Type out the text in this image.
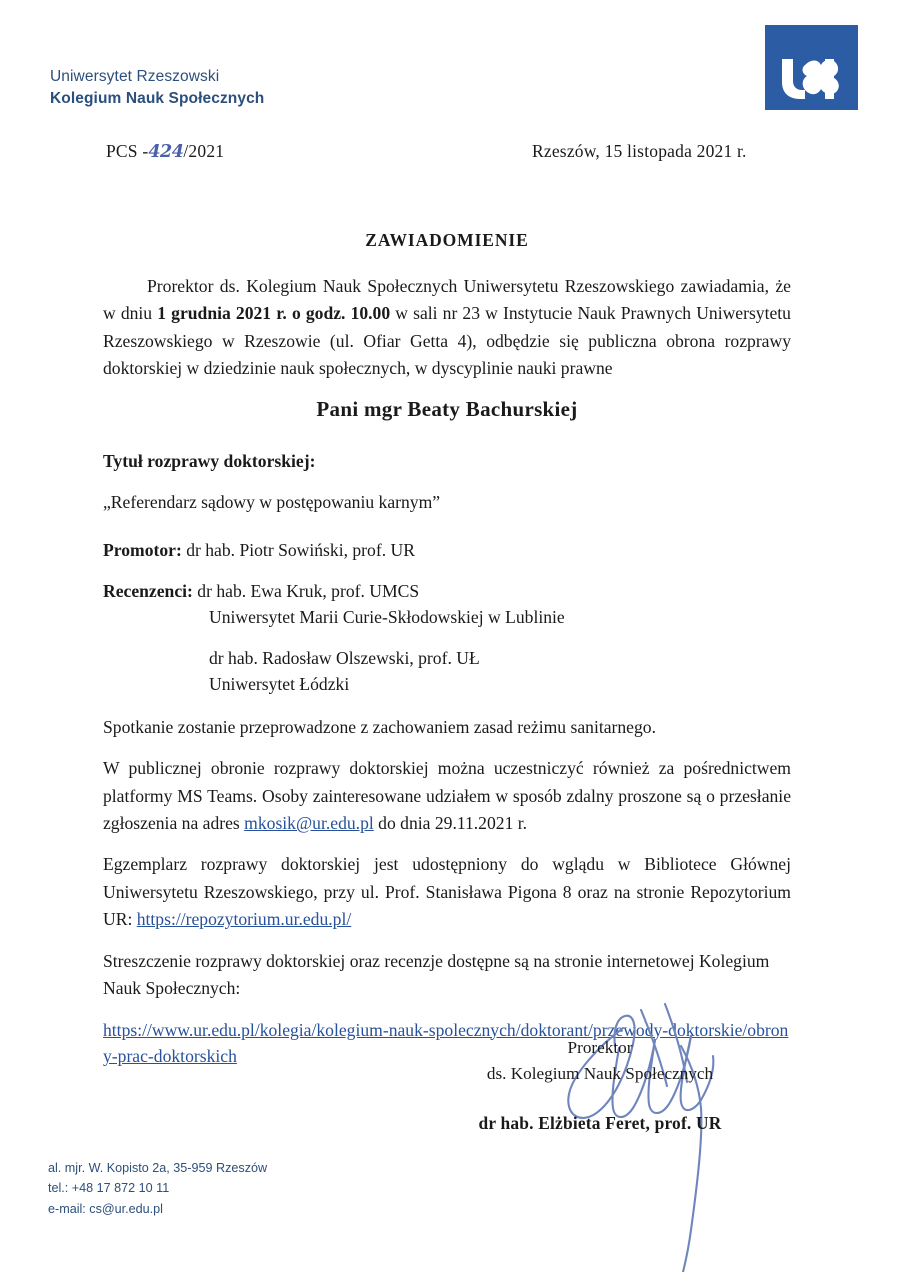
Uniwersytet Rzeszowski
Kolegium Nauk Społecznych
PCS -424/2021	Rzeszów, 15 listopada 2021 r.
ZAWIADOMIENIE

Prorektor ds. Kolegium Nauk Społecznych Uniwersytetu Rzeszowskiego zawiadamia, że w dniu 1 grudnia 2021 r. o godz. 10.00 w sali nr 23 w Instytucie Nauk Prawnych Uniwersytetu Rzeszowskiego w Rzeszowie (ul. Ofiar Getta 4), odbędzie się publiczna obrona rozprawy doktorskiej w dziedzinie nauk społecznych, w dyscyplinie nauki prawne

Pani mgr Beaty Bachurskiej
Tytuł rozprawy doktorskiej:
„Referendarz sądowy w postępowaniu karnym”
Promotor: dr hab. Piotr Sowiński, prof. UR
Recenzenci: dr hab. Ewa Kruk, prof. UMCS
Uniwersytet Marii Curie-Skłodowskiej w Lublinie
dr hab. Radosław Olszewski, prof. UŁ
Uniwersytet Łódzki

Spotkanie zostanie przeprowadzone z zachowaniem zasad reżimu sanitarnego.

W publicznej obronie rozprawy doktorskiej można uczestniczyć również za pośrednictwem platformy MS Teams. Osoby zainteresowane udziałem w sposób zdalny proszone są o przesłanie zgłoszenia na adres mkosik@ur.edu.pl do dnia 29.11.2021 r.

Egzemplarz rozprawy doktorskiej jest udostępniony do wglądu w Bibliotece Głównej Uniwersytetu Rzeszowskiego, przy ul. Prof. Stanisława Pigona 8 oraz na stronie Repozytorium UR: https://repozytorium.ur.edu.pl/

Streszczenie rozprawy doktorskiej oraz recenzje dostępne są na stronie internetowej Kolegium Nauk Społecznych:

https://www.ur.edu.pl/kolegia/kolegium-nauk-spolecznych/doktorant/przewody-doktorskie/obrony-prac-doktorskich	Prorektor
ds. Kolegium Nauk Społecznych
dr hab. Elżbieta Feret, prof. UR
al. mjr. W. Kopisto 2a, 35-959 Rzeszów
tel.: +48 17 872 10 11
e-mail: cs@ur.edu.pl
